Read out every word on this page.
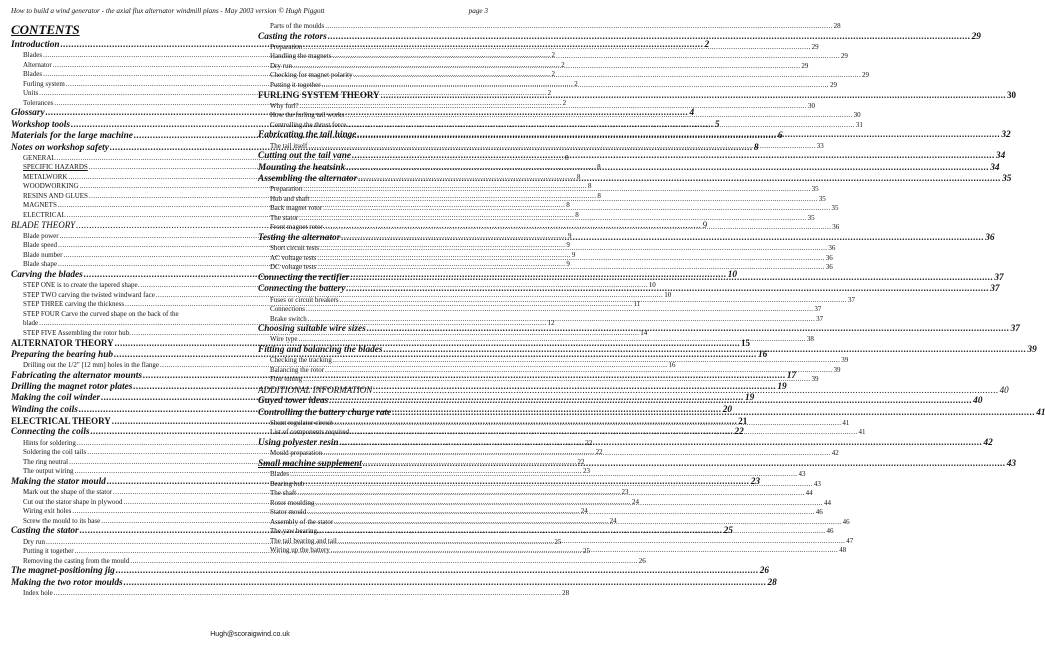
How to build a wind generator - the axial flux alternator windmill plans - May 2003 version © Hugh Piggott	page 3
CONTENTS
Introduction .....	2
Blades .....	2
Alternator .....	2
Blades .....	2
Furling system .....	2
Units .....	2
Tolerances .....	2
Glossary .....	4
Workshop tools .....	5
Materials for the large machine .....	6
Notes on workshop safety .....	8
GENERAL .....	8
SPECIFIC HAZARDS .....	8
METALWORK .....	8
WOODWORKING .....	8
RESINS AND GLUES .....	8
MAGNETS .....	8
ELECTRICAL .....	8
BLADE THEORY .....	9
Blade power .....	9
Blade speed .....	9
Blade number .....	9
Blade shape .....	9
Carving the blades .....	10
STEP ONE is to create the tapered shape. .....	10
STEP TWO carving the twisted windward face .....	10
STEP THREE carving the thickness .....	11
STEP FOUR Carve the curved shape on the back of the
blade .....	12
STEP FIVE Assembling the rotor hub. .....	14
ALTERNATOR THEORY .....	15
Preparing the bearing hub .....	16
Drilling out the 1/2" [12 mm] holes in the flange .....	16
Fabricating the alternator mounts .....	17
Drilling the magnet rotor plates .....	19
Making the coil winder .....	19
Winding the coils .....	20
ELECTRICAL THEORY .....	21
Connecting the coils .....	22
Hints for soldering .....	22
Soldering the coil tails .....	22
The ring neutral .....	22
The output wiring .....	23
Making the stator mould .....	23
Mark out the shape of the stator .....	23
Cut out the stator shape in plywood .....	24
Wiring exit holes .....	24
Screw the mould to its base .....	24
Casting the stator .....	25
Dry run .....	25
Putting it together .....	25
Removing the casting from the mould .....	26
The magnet-positioning jig .....	26
Making the two rotor moulds .....	28
Index hole .....	28
Parts of the moulds .....	28
Casting the rotors .....	29
Preparation .....	29
Handling the magnets .....	29
Dry run .....	29
Checking for magnet polarity .....	29
Putting it together .....	29
FURLING SYSTEM THEORY .....	30
Why furl? .....	30
How the furling tail works .....	30
Controlling the thrust force .....	31
Fabricating the tail hinge .....	32
The tail itself .....	33
Cutting out the tail vane .....	34
Mounting the heatsink .....	34
Assembling the alternator .....	35
Preparation .....	35
Hub and shaft .....	35
Back magnet rotor .....	35
The stator .....	35
Front magnet rotor .....	36
Testing the alternator .....	36
Short circuit tests .....	36
AC voltage tests .....	36
DC voltage tests .....	36
Connecting the rectifier .....	37
Connecting the battery .....	37
Fuses or circuit breakers .....	37
Connections .....	37
Brake switch .....	37
Choosing suitable wire sizes .....	37
Wire type .....	38
Fitting and balancing the blades .....	39
Checking the tracking .....	39
Balancing the rotor .....	39
Fine tuning .....	39
ADDITIONAL INFORMATION .....	40
Guyed tower ideas .....	40
Controlling the battery charge rate .....	41
Shunt regulator circuit .....	41
List of components required .....	41
Using polyester resin .....	42
Mould preparation .....	42
Small machine supplement .....	43
Blades .....	43
Bearing hub .....	43
The shaft .....	44
Rotor moulding .....	44
Stator mould .....	46
Assembly of the stator .....	46
The yaw bearing .....	46
The tail bearing and tail .....	47
Wiring up the battery .....	48
Hugh@scoraigwind.co.uk
